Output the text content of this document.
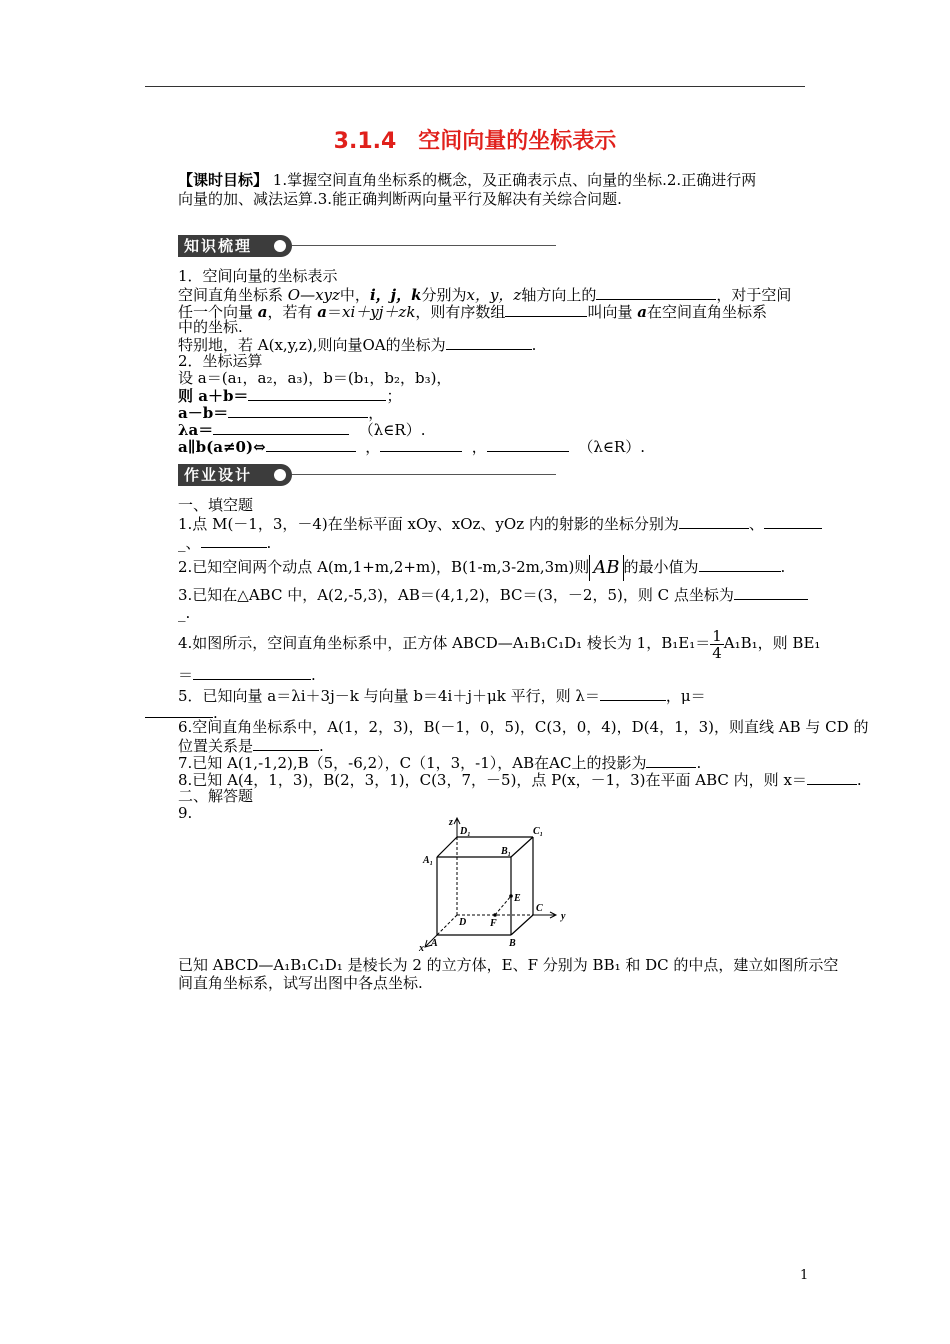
3.1.4　空间向量的坐标表示
【课时目标】 1.掌握空间直角坐标系的概念，及正确表示点、向量的坐标.2.正确进行两
向量的加、减法运算.3.能正确判断两向量平行及解决有关综合问题.
知识梳理
1．空间向量的坐标表示
空间直角坐标系 O—xyz中，i，j，k分别为x，y，z轴方向上的	，对于空间
任一个向量 a，若有 a＝xi＋yj＋zk，则有序数组	叫向量 a在空间直角坐标系
中的坐标.
特别地，若 A(x,y,z),则向量OA的坐标为	.
2．坐标运算
设 a＝(a₁，a₂，a₃)，b＝(b₁，b₂，b₃)，
则 a＋b＝	；
a－b＝	，
λa＝	（λ∈R）.
a∥b(a≠0)⇔	，	，	（λ∈R）.
作业设计
一、填空题
1.点 M(－1，3，－4)在坐标平面 xOy、xOz、yOz 内的射影的坐标分别为	、
_、	.
2.已知空间两个动点 A(m,1+m,2+m)，B(1-m,3-2m,3m)则 AB 的最小值为	.
3.已知在△ABC 中，A(2,-5,3)，AB＝(4,1,2)，BC＝(3，－2，5)，则 C 点坐标为
_.
4.如图所示，空间直角坐标系中，正方体 ABCD—A₁B₁C₁D₁ 棱长为 1，$B_1E_1= \frac{1}{4} A_1B_1$，则 BE₁
＝	.
5．已知向量 a＝λi＋3j－k 与向量 b＝4i＋j＋μk 平行，则 λ＝	，μ＝
.
6.空间直角坐标系中，A(1，2，3)，B(－1，0，5)，C(3，0，4)，D(4，1，3)，则直线 AB 与 CD 的
位置关系是	.
7.已知 A(1,-1,2),B（5，-6,2），C（1，3，-1），AB在AC上的投影为	.
8.已知 A(4，1，3)，B(2，3，1)，C(3，7，－5)，点 P(x，－1，3)在平面 ABC 内，则 x＝	.
二、解答题
9.
z
y
x A	B
C
D
A₁
B₁
C₁
D₁
E
F
已知 ABCD—A₁B₁C₁D₁ 是棱长为 2 的立方体，E、F 分别为 BB₁ 和 DC 的中点，建立如图所示空
间直角坐标系，试写出图中各点坐标.
1
